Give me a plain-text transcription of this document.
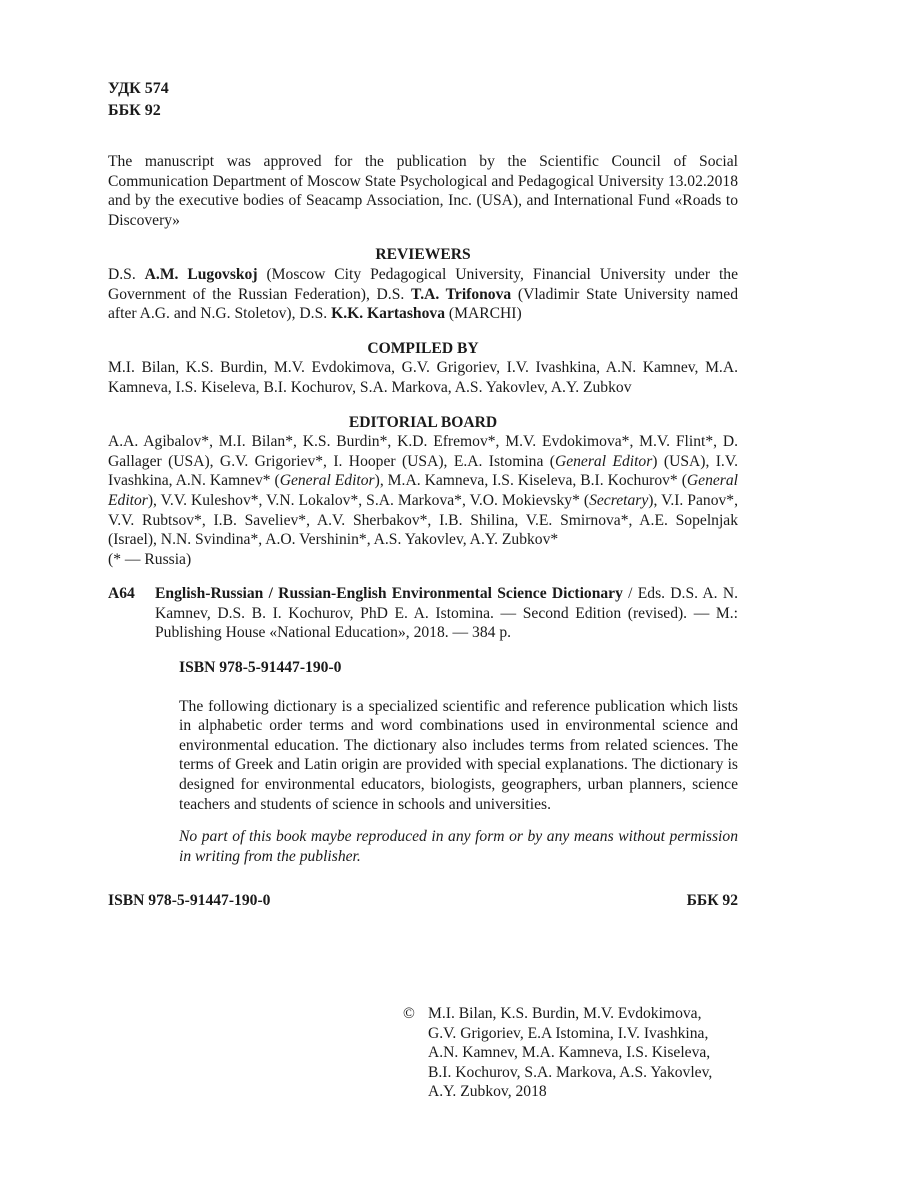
УДК 574
ББК 92
The manuscript was approved for the publication by the Scientific Council of Social Communication Department of Moscow State Psychological and Pedagogical University 13.02.2018 and by the executive bodies of Seacamp Association, Inc. (USA), and International Fund «Roads to Discovery»
REVIEWERS
D.S. A.M. Lugovskoj (Moscow City Pedagogical University, Financial University under the Government of the Russian Federation), D.S. T.A. Trifonova (Vladimir State University named after A.G. and N.G. Stoletov), D.S. K.K. Kartashova (MARCHI)
COMPILED BY
M.I. Bilan, K.S. Burdin, M.V. Evdokimova, G.V. Grigoriev, I.V. Ivashkina, A.N. Kamnev, M.A. Kamneva, I.S. Kiseleva, B.I. Kochurov, S.A. Markova, A.S. Yakovlev, A.Y. Zubkov
EDITORIAL BOARD
A.A. Agibalov*, M.I. Bilan*, K.S. Burdin*, K.D. Efremov*, M.V. Evdokimova*, M.V. Flint*, D. Gallager (USA), G.V. Grigoriev*, I. Hooper (USA), E.A. Istomina (General Editor) (USA), I.V. Ivashkina, A.N. Kamnev* (General Editor), M.A. Kamneva, I.S. Kiseleva, B.I. Kochurov* (General Editor), V.V. Kuleshov*, V.N. Lokalov*, S.A. Markova*, V.O. Mokievsky* (Secretary), V.I. Panov*, V.V. Rubtsov*, I.B. Saveliev*, A.V. Sherbakov*, I.B. Shilina, V.E. Smirnova*, A.E. Sopelnjak (Israel), N.N. Svindina*, A.O. Vershinin*, A.S. Yakovlev, A.Y. Zubkov*
(* — Russia)
А64 English-Russian / Russian-English Environmental Science Dictionary / Eds. D.S. A. N. Kamnev, D.S. B. I. Kochurov, PhD E. A. Istomina. — Second Edition (revised). — M.: Publishing House «National Education», 2018. — 384 p.
ISBN 978-5-91447-190-0

The following dictionary is a specialized scientific and reference publication which lists in alphabetic order terms and word combinations used in environmental science and environmental education. The dictionary also includes terms from related sciences. The terms of Greek and Latin origin are provided with special explanations. The dictionary is designed for environmental educators, biologists, geographers, urban planners, science teachers and students of science in schools and universities.

No part of this book maybe reproduced in any form or by any means without permission in writing from the publisher.
ISBN 978-5-91447-190-0	ББК 92
© M.I. Bilan, K.S. Burdin, M.V. Evdokimova,
G.V. Grigoriev, E.A Istomina, I.V. Ivashkina,
A.N. Kamnev, M.A. Kamneva, I.S. Kiseleva,
B.I. Kochurov, S.A. Markova, A.S. Yakovlev,
A.Y. Zubkov, 2018
